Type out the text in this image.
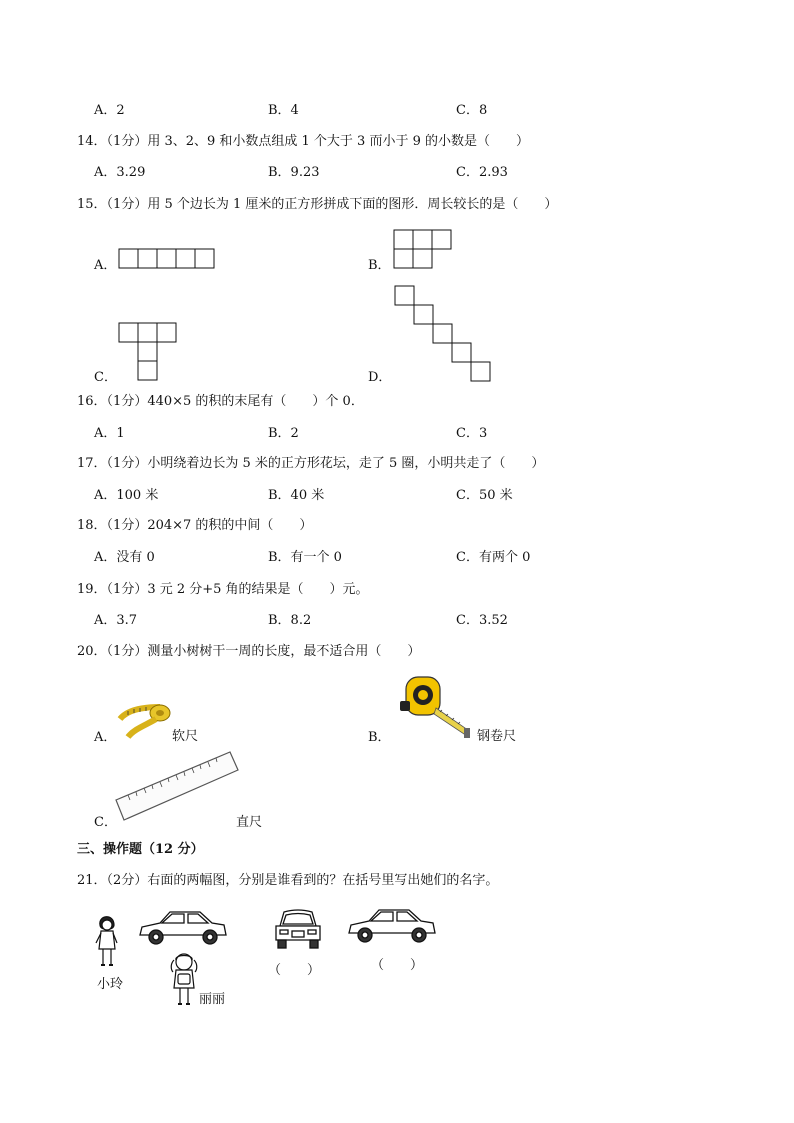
A．2	B．4	C．8
14．（1分）用 3、2、9 和小数点组成 1 个大于 3 而小于 9 的小数是（　　）
A．3.29	B．9.23	C．2.93
15．（1分）用 5 个边长为 1 厘米的正方形拼成下面的图形．周长较长的是（　　）
A．	B．
C．	D．
16．（1分）440×5 的积的末尾有（　　）个 0．
A．1	B．2	C．3
17．（1分）小明绕着边长为 5 米的正方形花坛，走了 5 圈，小明共走了（　　）
A．100 米	B．40 米	C．50 米
18．（1分）204×7 的积的中间（　　）
A．没有 0	B．有一个 0	C．有两个 0
19．（1分）3 元 2 分+5 角的结果是（　　）元。
A．3.7	B．8.2	C．3.52
20．（1分）测量小树树干一周的长度，最不适合用（　　）
A．	软尺	B．	钢卷尺
C．	直尺
三、操作题（12 分）
21．（2分）右面的两幅图，分别是谁看到的？在括号里写出她们的名字。
小玲
丽丽
（　　）	（　　）
